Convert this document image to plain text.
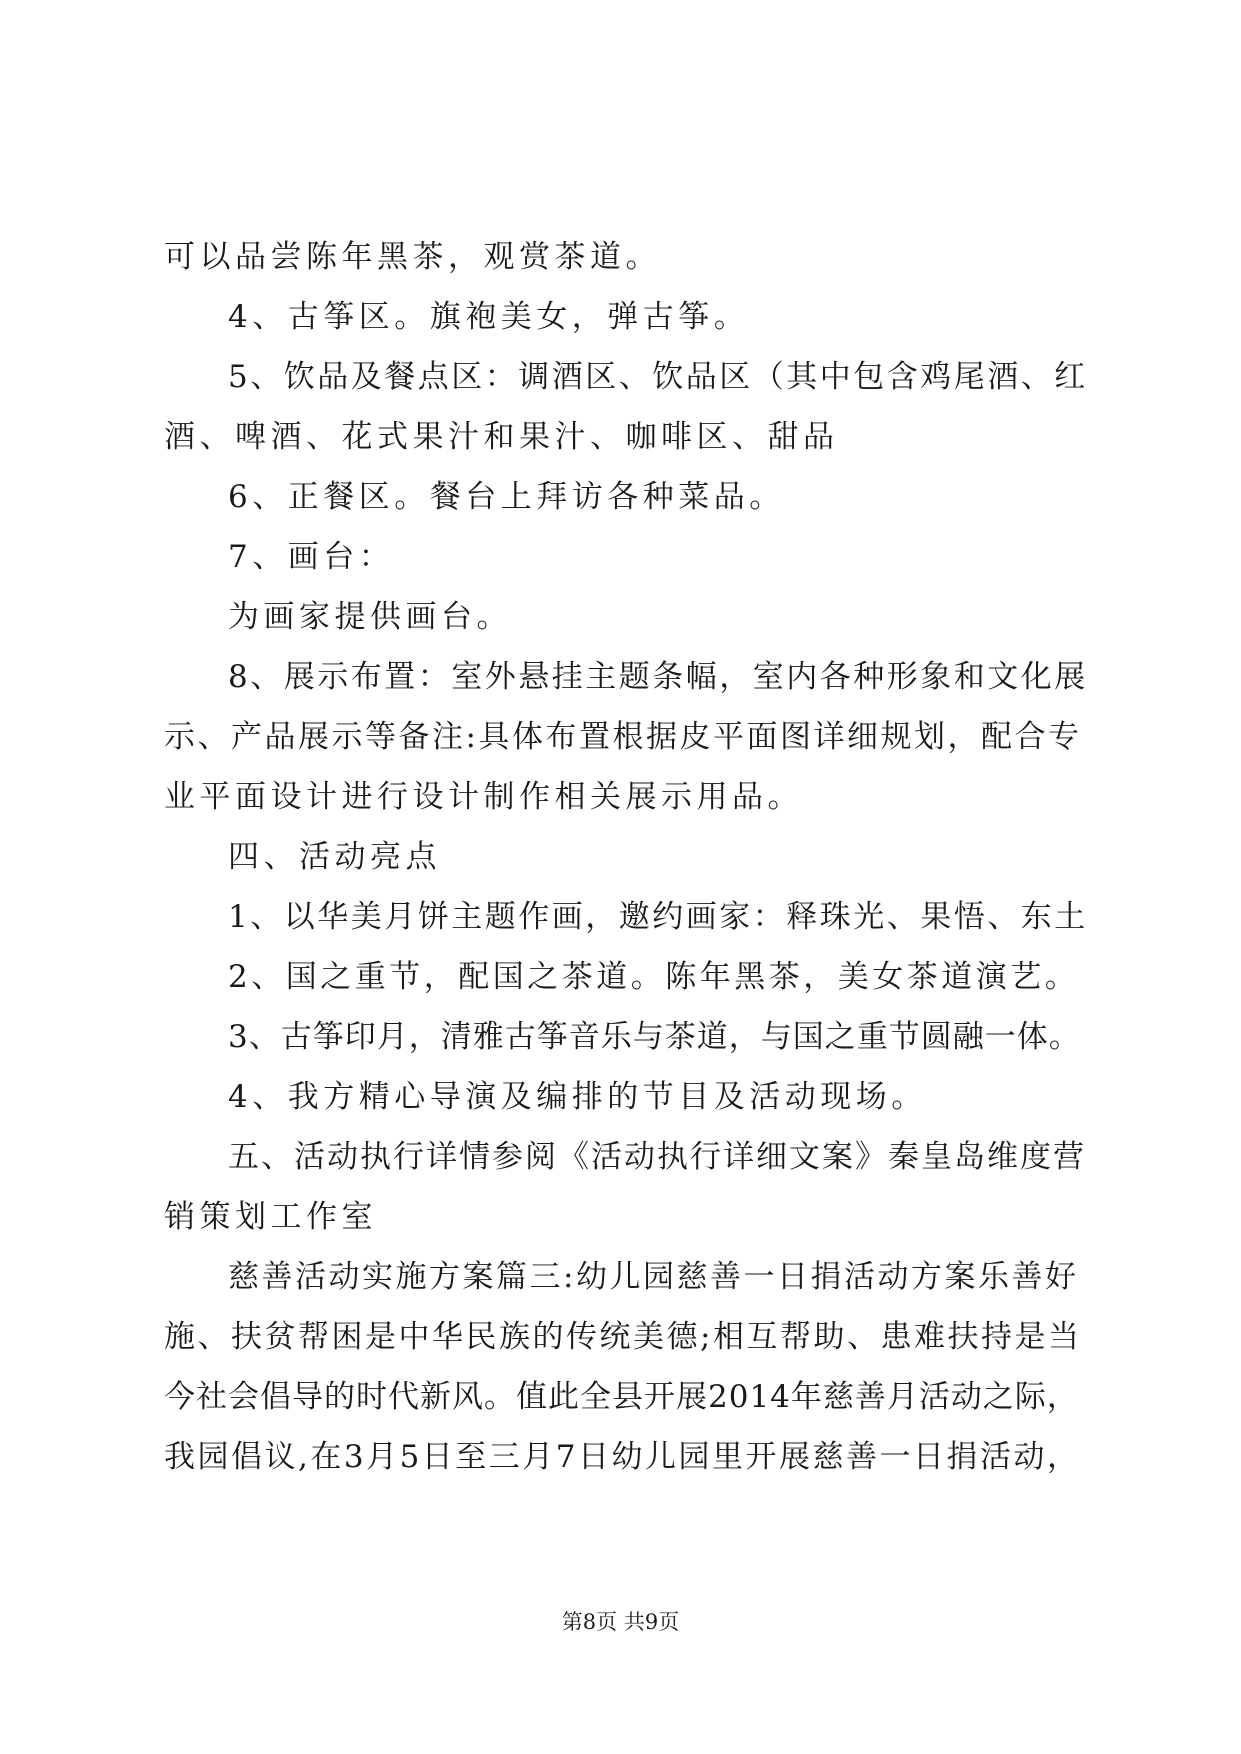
可以品尝陈年黑茶，观赏茶道。
4、古筝区。旗袍美女，弹古筝。
5、饮品及餐点区：调酒区、饮品区（其中包含鸡尾酒、红
酒、啤酒、花式果汁和果汁、咖啡区、甜品
6、正餐区。餐台上拜访各种菜品。
7、画台：
为画家提供画台。
8、展示布置：室外悬挂主题条幅，室内各种形象和文化展
示、产品展示等备注:具体布置根据皮平面图详细规划，配合专
业平面设计进行设计制作相关展示用品。
四、活动亮点
1、以华美月饼主题作画，邀约画家：释珠光、果悟、东土
2、国之重节，配国之茶道。陈年黑茶，美女茶道演艺。
3、古筝印月，清雅古筝音乐与茶道，与国之重节圆融一体。
4、我方精心导演及编排的节目及活动现场。
五、活动执行详情参阅《活动执行详细文案》秦皇岛维度营
销策划工作室
慈善活动实施方案篇三:幼儿园慈善一日捐活动方案乐善好
施、扶贫帮困是中华民族的传统美德;相互帮助、患难扶持是当
今社会倡导的时代新风。值此全县开展2014年慈善月活动之际，
我园倡议,在3月5日至三月7日幼儿园里开展慈善一日捐活动，
第8页 共9页
